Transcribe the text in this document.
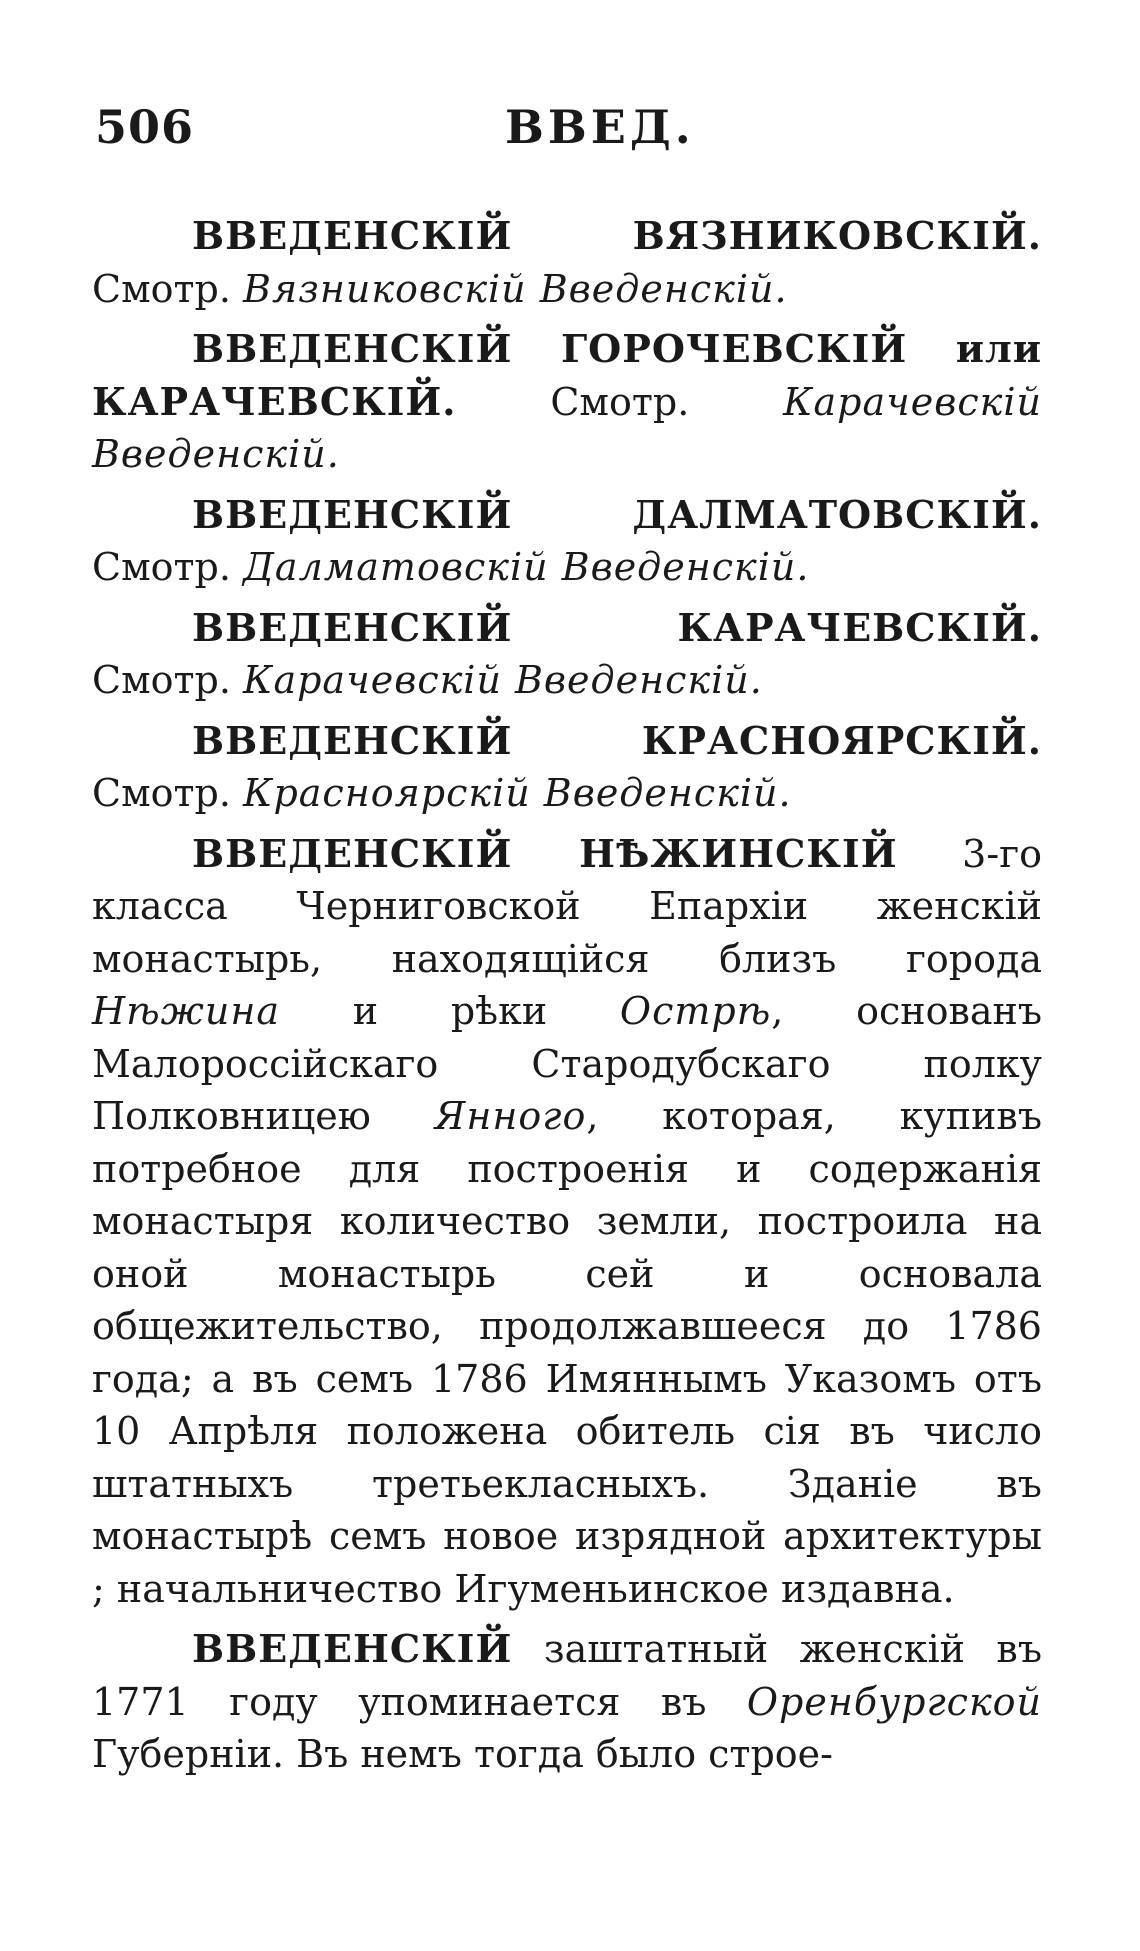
506	ВВЕД.

ВВЕДЕНСКІЙ ВЯЗНИКОВСКІЙ. Смотр. Вязниковскій Введенскій.

ВВЕДЕНСКІЙ ГОРОЧЕВСКІЙ или КАРАЧЕВСКІЙ. Смотр. Карачевскій Введенскій.

ВВЕДЕНСКІЙ ДАЛМАТОВСКІЙ. Смотр. Далматовскій Введенскій.

ВВЕДЕНСКІЙ КАРАЧЕВСКІЙ. Смотр. Карачевскій Введенскій.

ВВЕДЕНСКІЙ КРАСНОЯРСКІЙ. Смотр. Красноярскій Введенскій.

ВВЕДЕНСКІЙ НѢЖИНСКІЙ 3-го класса Черниговской Епархіи женскій монастырь, находящійся близъ города Нѣжина и рѣки Острѣ, основанъ Малороссійскаго Стародубскаго полку Полковницею Янного, которая, купивъ потребное для построенія и содержанія монастыря количество земли, построила на оной монастырь сей и основала общежительство, продолжавшееся до 1786 года; а въ семъ 1786 Имяннымъ Указомъ отъ 10 Апрѣля положена обитель сія въ число штатныхъ третьекласныхъ. Зданіе въ монастырѣ семъ новое изрядной архитектуры ; начальничество Игуменьинское издавна.

ВВЕДЕНСКІЙ заштатный женскій въ 1771 году упоминается въ Оренбургской Губерніи. Въ немъ тогда было строе-
